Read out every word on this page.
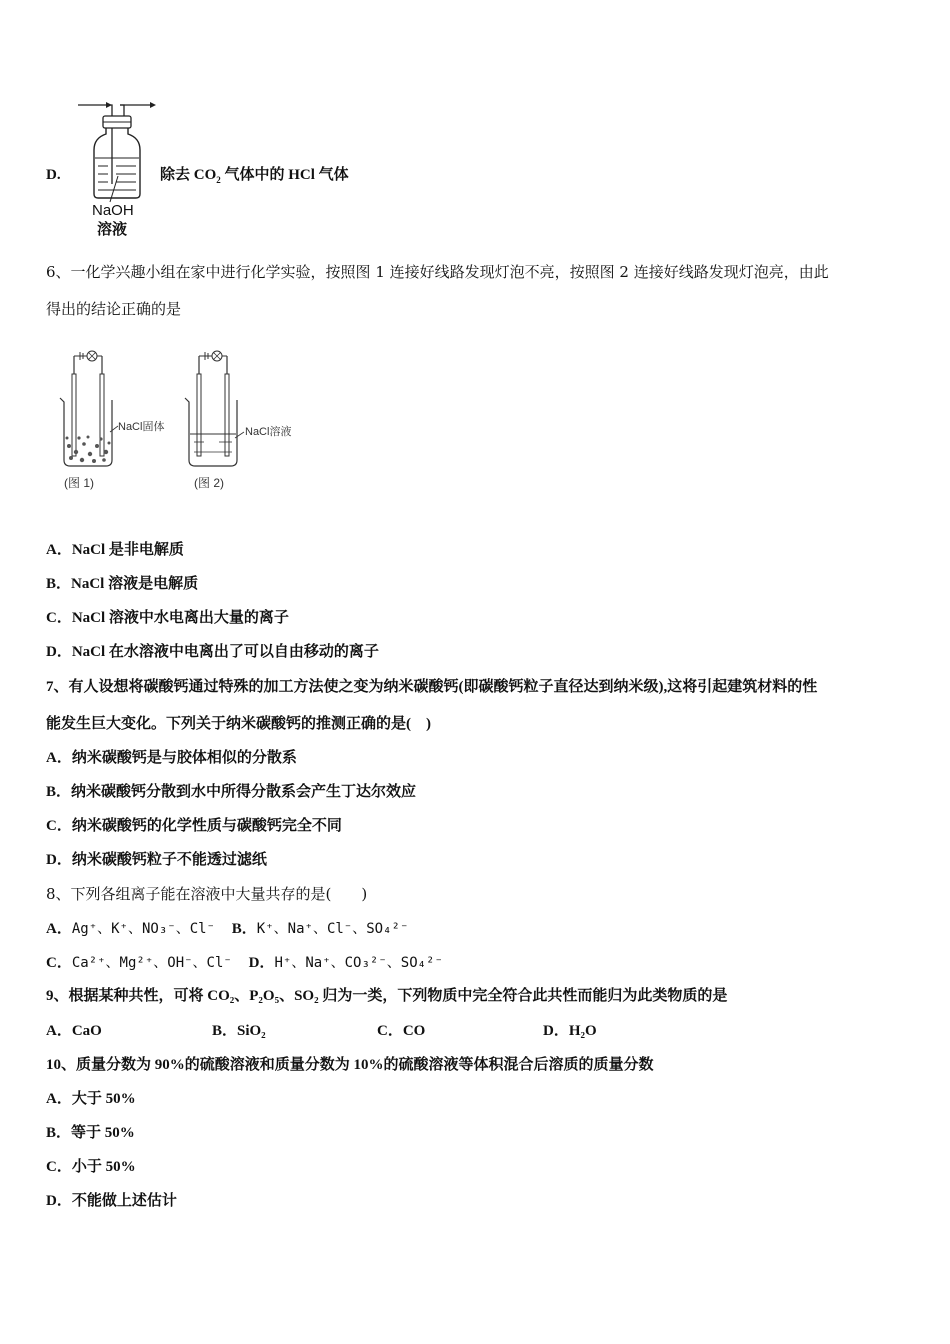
NaOH
溶液
D.	除去 $CO_2$ 气体中的 HCl 气体
6、一化学兴趣小组在家中进行化学实验，按照图 1 连接好线路发现灯泡不亮，按照图 2 连接好线路发现灯泡亮，由此
得出的结论正确的是
NaCl固体
(图 1)
NaCl溶液
(图 2)
A．NaCl 是非电解质
B．NaCl 溶液是电解质
C．NaCl 溶液中水电离出大量的离子
D．NaCl 在水溶液中电离出了可以自由移动的离子
7、有人设想将碳酸钙通过特殊的加工方法使之变为纳米碳酸钙(即碳酸钙粒子直径达到纳米级),这将引起建筑材料的性
能发生巨大变化。下列关于纳米碳酸钙的推测正确的是(　)
A．纳米碳酸钙是与胶体相似的分散系
B．纳米碳酸钙分散到水中所得分散系会产生丁达尔效应
C．纳米碳酸钙的化学性质与碳酸钙完全不同
D．纳米碳酸钙粒子不能透过滤纸
8、下列各组离子能在溶液中大量共存的是(　　)
A．Ag⁺、K⁺、NO₃⁻、Cl⁻ B．K⁺、Na⁺、Cl⁻、SO₄²⁻
C．Ca²⁺、Mg²⁺、OH⁻、Cl⁻ D．H⁺、Na⁺、CO₃²⁻、SO₄²⁻
9、根据某种共性，可将 CO₂、P₂O₅、SO₂ 归为一类，下列物质中完全符合此共性而能归为此类物质的是
A．CaO	B．SiO₂	C．CO	D．H₂O
10、质量分数为 90%的硫酸溶液和质量分数为 10%的硫酸溶液等体积混合后溶质的质量分数
A．大于 50%
B．等于 50%
C．小于 50%
D．不能做上述估计
